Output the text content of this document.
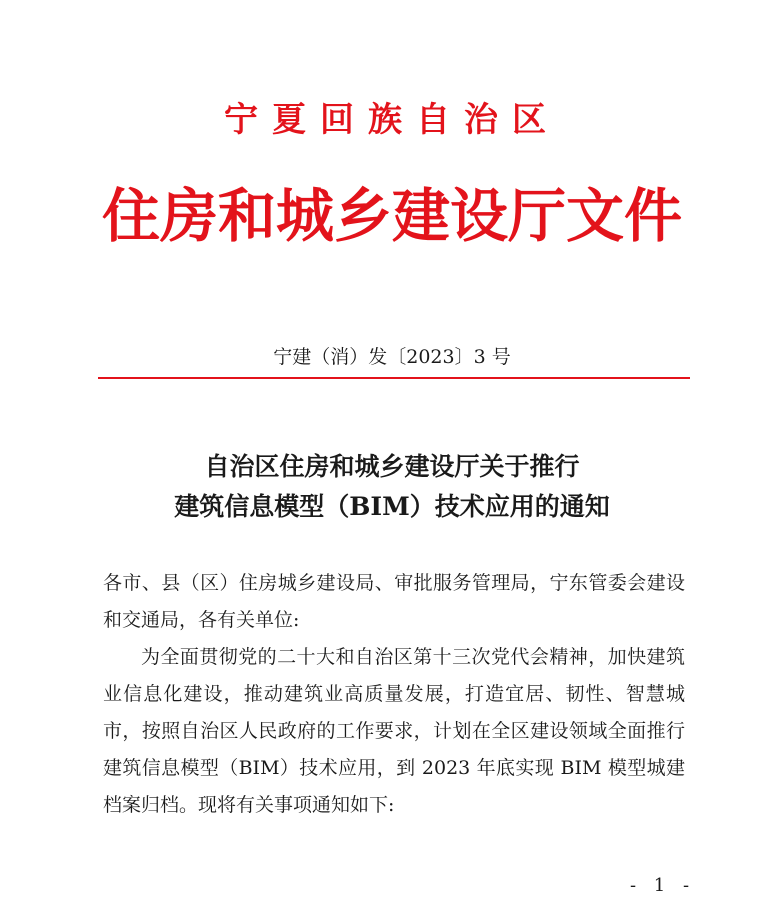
宁夏回族自治区
住房和城乡建设厅文件
宁建（消）发〔2023〕3 号
自治区住房和城乡建设厅关于推行
建筑信息模型（BIM）技术应用的通知

各市、县（区）住房城乡建设局、审批服务管理局，宁东管委会建设和交通局，各有关单位:

为全面贯彻党的二十大和自治区第十三次党代会精神，加快建筑业信息化建设，推动建筑业高质量发展，打造宜居、韧性、智慧城市，按照自治区人民政府的工作要求，计划在全区建设领域全面推行建筑信息模型（BIM）技术应用，到 2023 年底实现 BIM 模型城建档案归档。现将有关事项通知如下:

- 1 -
